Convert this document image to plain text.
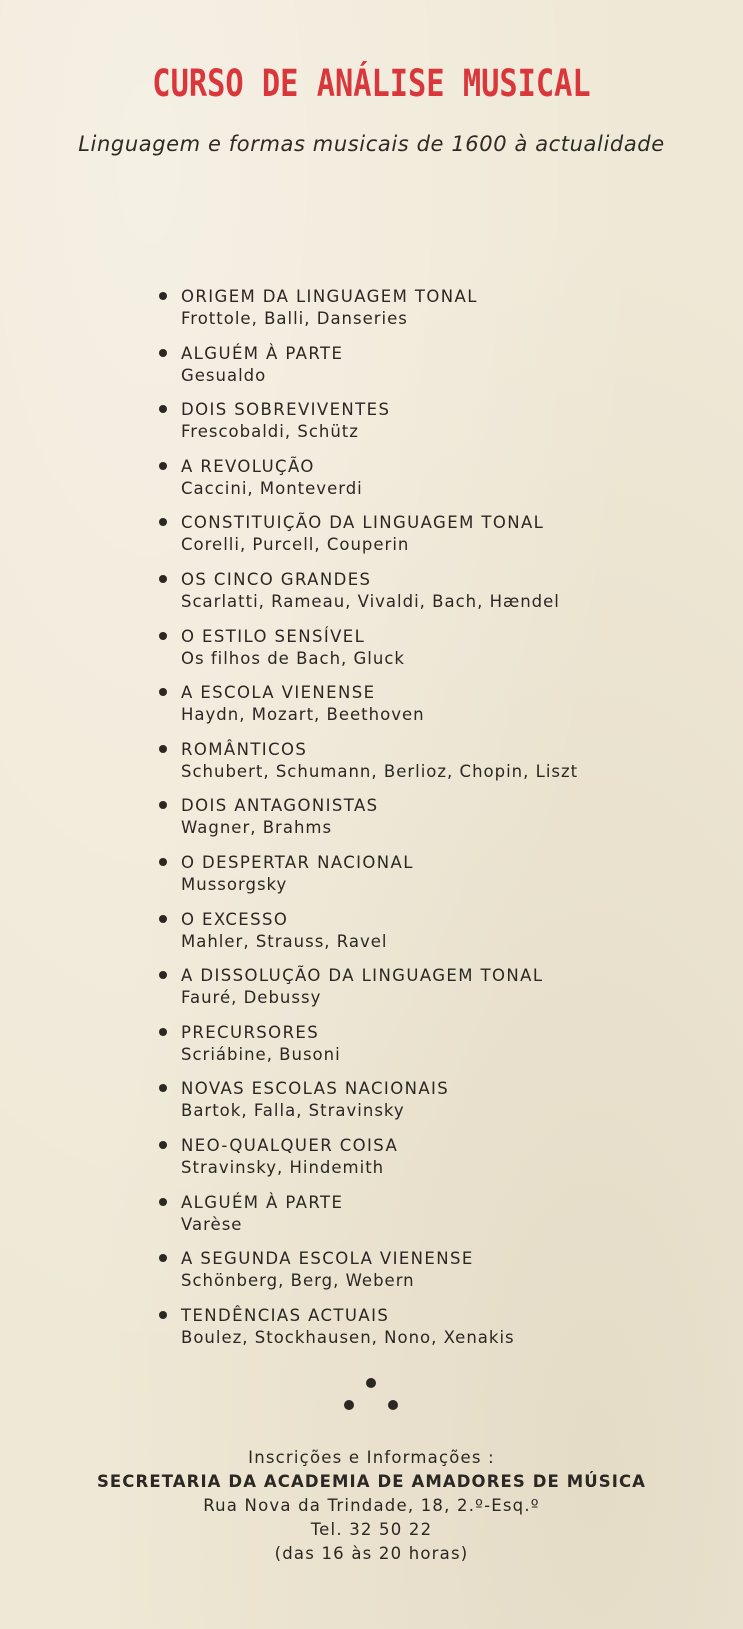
CURSO DE ANÁLISE MUSICAL
Linguagem e formas musicais de 1600 à actualidade
ORIGEM DA LINGUAGEM TONAL
Frottole, Balli, Danseries
ALGUÉM À PARTE
Gesualdo
DOIS SOBREVIVENTES
Frescobaldi, Schütz
A REVOLUÇÃO
Caccini, Monteverdi
CONSTITUIÇÃO DA LINGUAGEM TONAL
Corelli, Purcell, Couperin
OS CINCO GRANDES
Scarlatti, Rameau, Vivaldi, Bach, Hændel
O ESTILO SENSÍVEL
Os filhos de Bach, Gluck
A ESCOLA VIENENSE
Haydn, Mozart, Beethoven
ROMÂNTICOS
Schubert, Schumann, Berlioz, Chopin, Liszt
DOIS ANTAGONISTAS
Wagner, Brahms
O DESPERTAR NACIONAL
Mussorgsky
O EXCESSO
Mahler, Strauss, Ravel
A DISSOLUÇÃO DA LINGUAGEM TONAL
Fauré, Debussy
PRECURSORES
Scriábine, Busoni
NOVAS ESCOLAS NACIONAIS
Bartok, Falla, Stravinsky
NEO-QUALQUER COISA
Stravinsky, Hindemith
ALGUÉM À PARTE
Varèse
A SEGUNDA ESCOLA VIENENSE
Schönberg, Berg, Webern
TENDÊNCIAS ACTUAIS
Boulez, Stockhausen, Nono, Xenakis
Inscrições e Informações :
SECRETARIA DA ACADEMIA DE AMADORES DE MÚSICA
Rua Nova da Trindade, 18, 2.º-Esq.º
Tel. 32 50 22
(das 16 às 20 horas)
